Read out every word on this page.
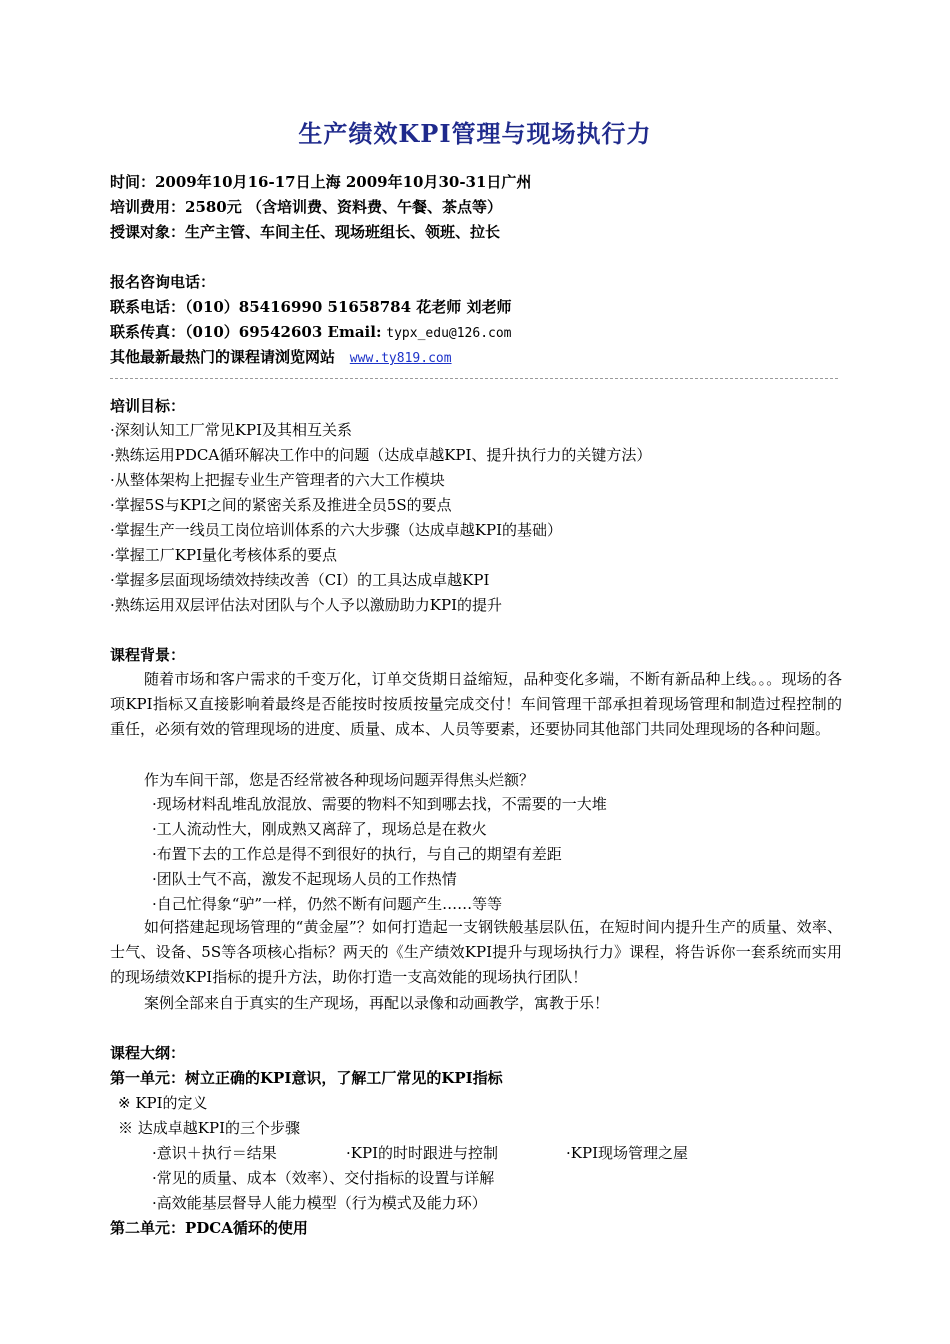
生产绩效KPI管理与现场执行力
时间：2009年10月16-17日上海 2009年10月30-31日广州
培训费用：2580元 （含培训费、资料费、午餐、茶点等）
授课对象：生产主管、车间主任、现场班组长、领班、拉长
报名咨询电话：
联系电话：（010）85416990 51658784 花老师 刘老师
联系传真：（010）69542603 Email: typx_edu@126.com
其他最新最热门的课程请浏览网站 www.ty819.com
培训目标：
·深刻认知工厂常见KPI及其相互关系
·熟练运用PDCA循环解决工作中的问题（达成卓越KPI、提升执行力的关键方法）
·从整体架构上把握专业生产管理者的六大工作模块
·掌握5S与KPI之间的紧密关系及推进全员5S的要点
·掌握生产一线员工岗位培训体系的六大步骤（达成卓越KPI的基础）
·掌握工厂KPI量化考核体系的要点
·掌握多层面现场绩效持续改善（CI）的工具达成卓越KPI
·熟练运用双层评估法对团队与个人予以激励助力KPI的提升
课程背景：
随着市场和客户需求的千变万化，订单交货期日益缩短，品种变化多端，不断有新品种上线。。。现场的各项KPI指标又直接影响着最终是否能按时按质按量完成交付！车间管理干部承担着现场管理和制造过程控制的重任，必须有效的管理现场的进度、质量、成本、人员等要素，还要协同其他部门共同处理现场的各种问题。
作为车间干部，您是否经常被各种现场问题弄得焦头烂额？
·现场材料乱堆乱放混放、需要的物料不知到哪去找，不需要的一大堆
·工人流动性大，刚成熟又离辞了，现场总是在救火
·布置下去的工作总是得不到很好的执行，与自己的期望有差距
·团队士气不高，激发不起现场人员的工作热情
·自己忙得象“驴”一样，仍然不断有问题产生……等等
如何搭建起现场管理的“黄金屋”？如何打造起一支钢铁般基层队伍，在短时间内提升生产的质量、效率、士气、设备、5S等各项核心指标？两天的《生产绩效KPI提升与现场执行力》课程，将告诉你一套系统而实用的现场绩效KPI指标的提升方法，助你打造一支高效能的现场执行团队！
案例全部来自于真实的生产现场，再配以录像和动画教学，寓教于乐！
课程大纲：
第一单元：树立正确的KPI意识，了解工厂常见的KPI指标
※ KPI的定义
※ 达成卓越KPI的三个步骤
·意识＋执行＝结果	·KPI的时时跟进与控制	·KPI现场管理之屋
·常见的质量、成本（效率）、交付指标的设置与详解
·高效能基层督导人能力模型（行为模式及能力环）
第二单元：PDCA循环的使用
